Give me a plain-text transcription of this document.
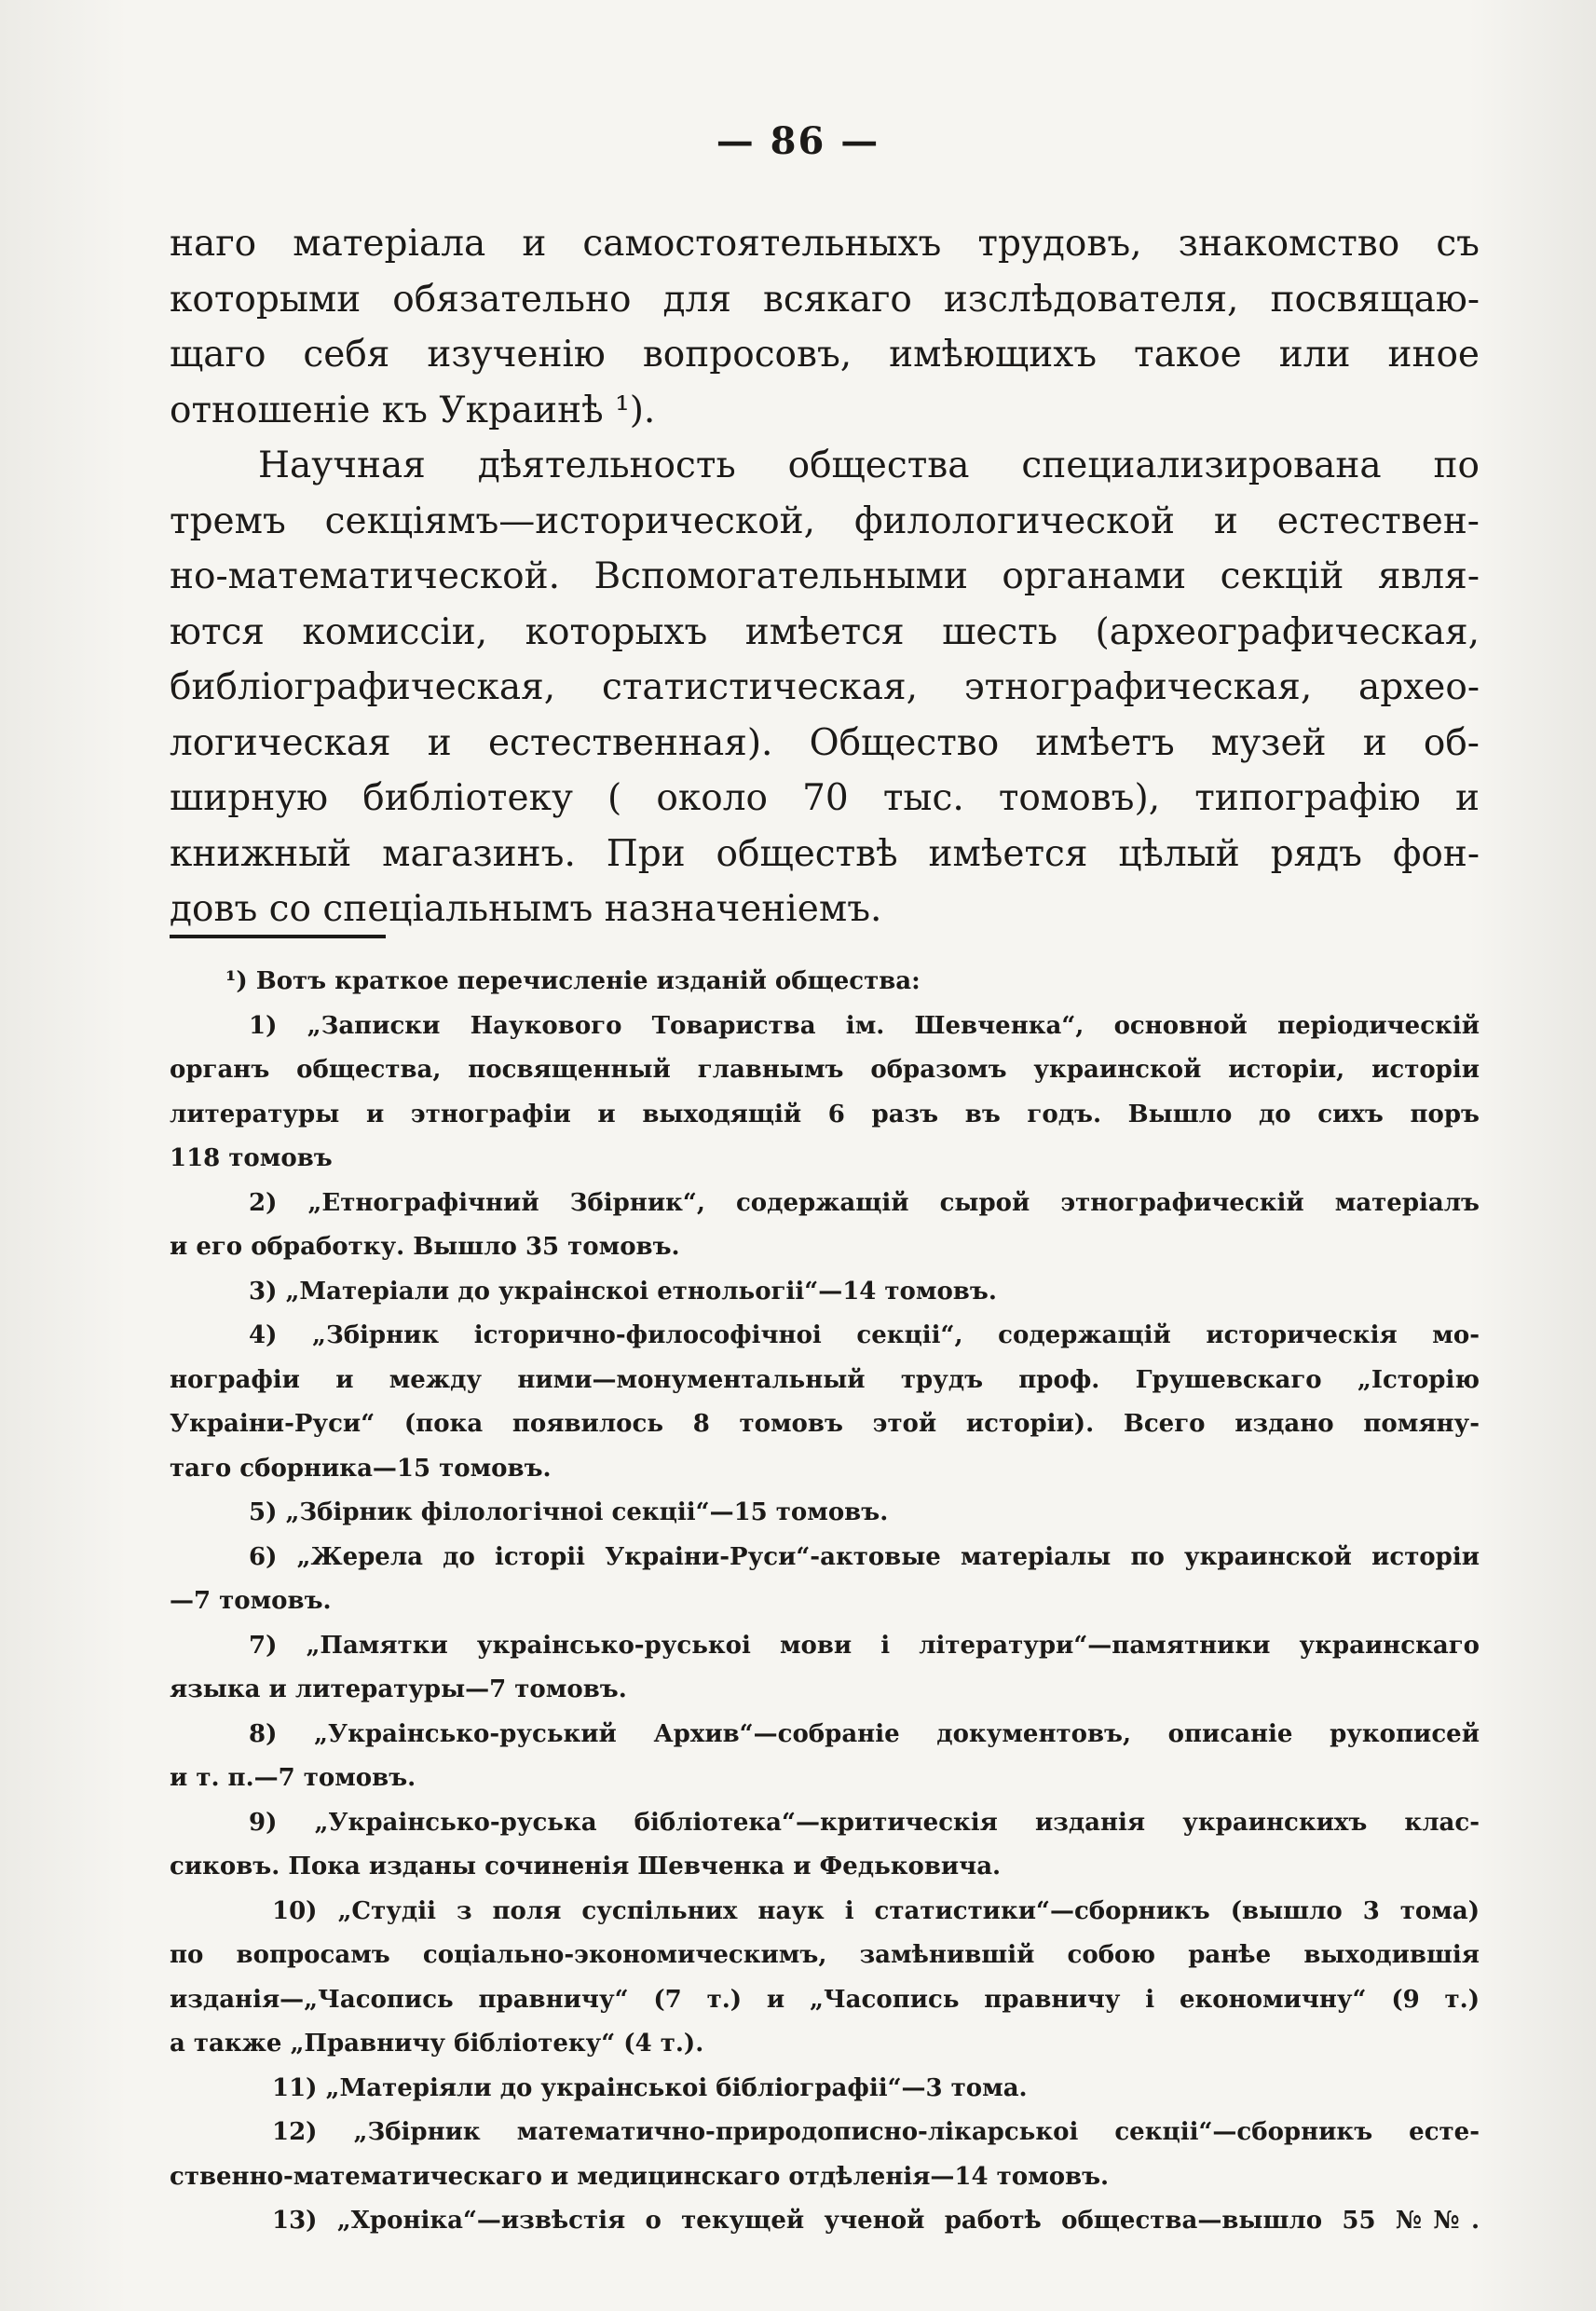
— 86 —
наго матеріала и самостоятельныхъ трудовъ, знакомство съ
которыми обязательно для всякаго изслѣдователя, посвящаю-
щаго себя изученію вопросовъ, имѣющихъ такое или иное
отношеніе къ Украинѣ ¹).
Научная дѣятельность общества специализирована по
тремъ секціямъ—исторической, филологической и естествен-
но-математической. Вспомогательными органами секцій явля-
ются комиссіи, которыхъ имѣется шесть (археографическая,
библіографическая, статистическая, этнографическая, архео-
логическая и естественная). Общество имѣетъ музей и об-
ширную библіотеку ( около 70 тыс. томовъ), типографію и
книжный магазинъ. При обществѣ имѣется цѣлый рядъ фон-
довъ со спеціальнымъ назначеніемъ.
¹) Вотъ краткое перечисленіе изданій общества:
1) „Записки Наукового Товариства ім. Шевченка“, основной періодическій
органъ общества, посвященный главнымъ образомъ украинской исторіи, исторіи
литературы и этнографіи и выходящій 6 разъ въ годъ. Вышло до сихъ поръ
118 томовъ
2) „Етнографічний Збірник“, содержащій сырой этнографическій матеріалъ
и его обработку. Вышло 35 томовъ.
3) „Матеріали до украінскоі етнольогіі“—14 томовъ.
4) „Збірник історично-философічноі секціі“, содержащій историческія мо-
нографіи и между ними—монументальный трудъ проф. Грушевскаго „Історію
Украіни-Руси“ (пока появилось 8 томовъ этой исторіи). Всего издано помяну-
таго сборника—15 томовъ.
5) „Збірник філологічноі секціі“—15 томовъ.
6) „Жерела до історіі Украіни-Руси“-актовые матеріалы по украинской исторіи
—7 томовъ.
7) „Памятки украінсько-руськоі мови і літератури“—памятники украинскаго
языка и литературы—7 томовъ.
8) „Украінсько-руський Архив“—собраніе документовъ, описаніе рукописей
и т. п.—7 томовъ.
9) „Украінсько-руська бібліотека“—критическія изданія украинскихъ клас-
сиковъ. Пока изданы сочиненія Шевченка и Федьковича.
10) „Студіі з поля суспільних наук і статистики“—сборникъ (вышло 3 тома)
по вопросамъ соціально-экономическимъ, замѣнившій собою ранѣе выходившія
изданія—„Часопись правничу“ (7 т.) и „Часопись правничу і економичну“ (9 т.)
а также „Правничу бібліотеку“ (4 т.).
11) „Матеріяли до украінськоі бібліографіі“—3 тома.
12) „Збірник математично-природописно-лікарськоі секціі“—сборникъ есте-
ственно-математическаго и медицинскаго отдѣленія—14 томовъ.
13) „Хроніка“—извѣстія о текущей ученой работѣ общества—вышло 55 №№.
